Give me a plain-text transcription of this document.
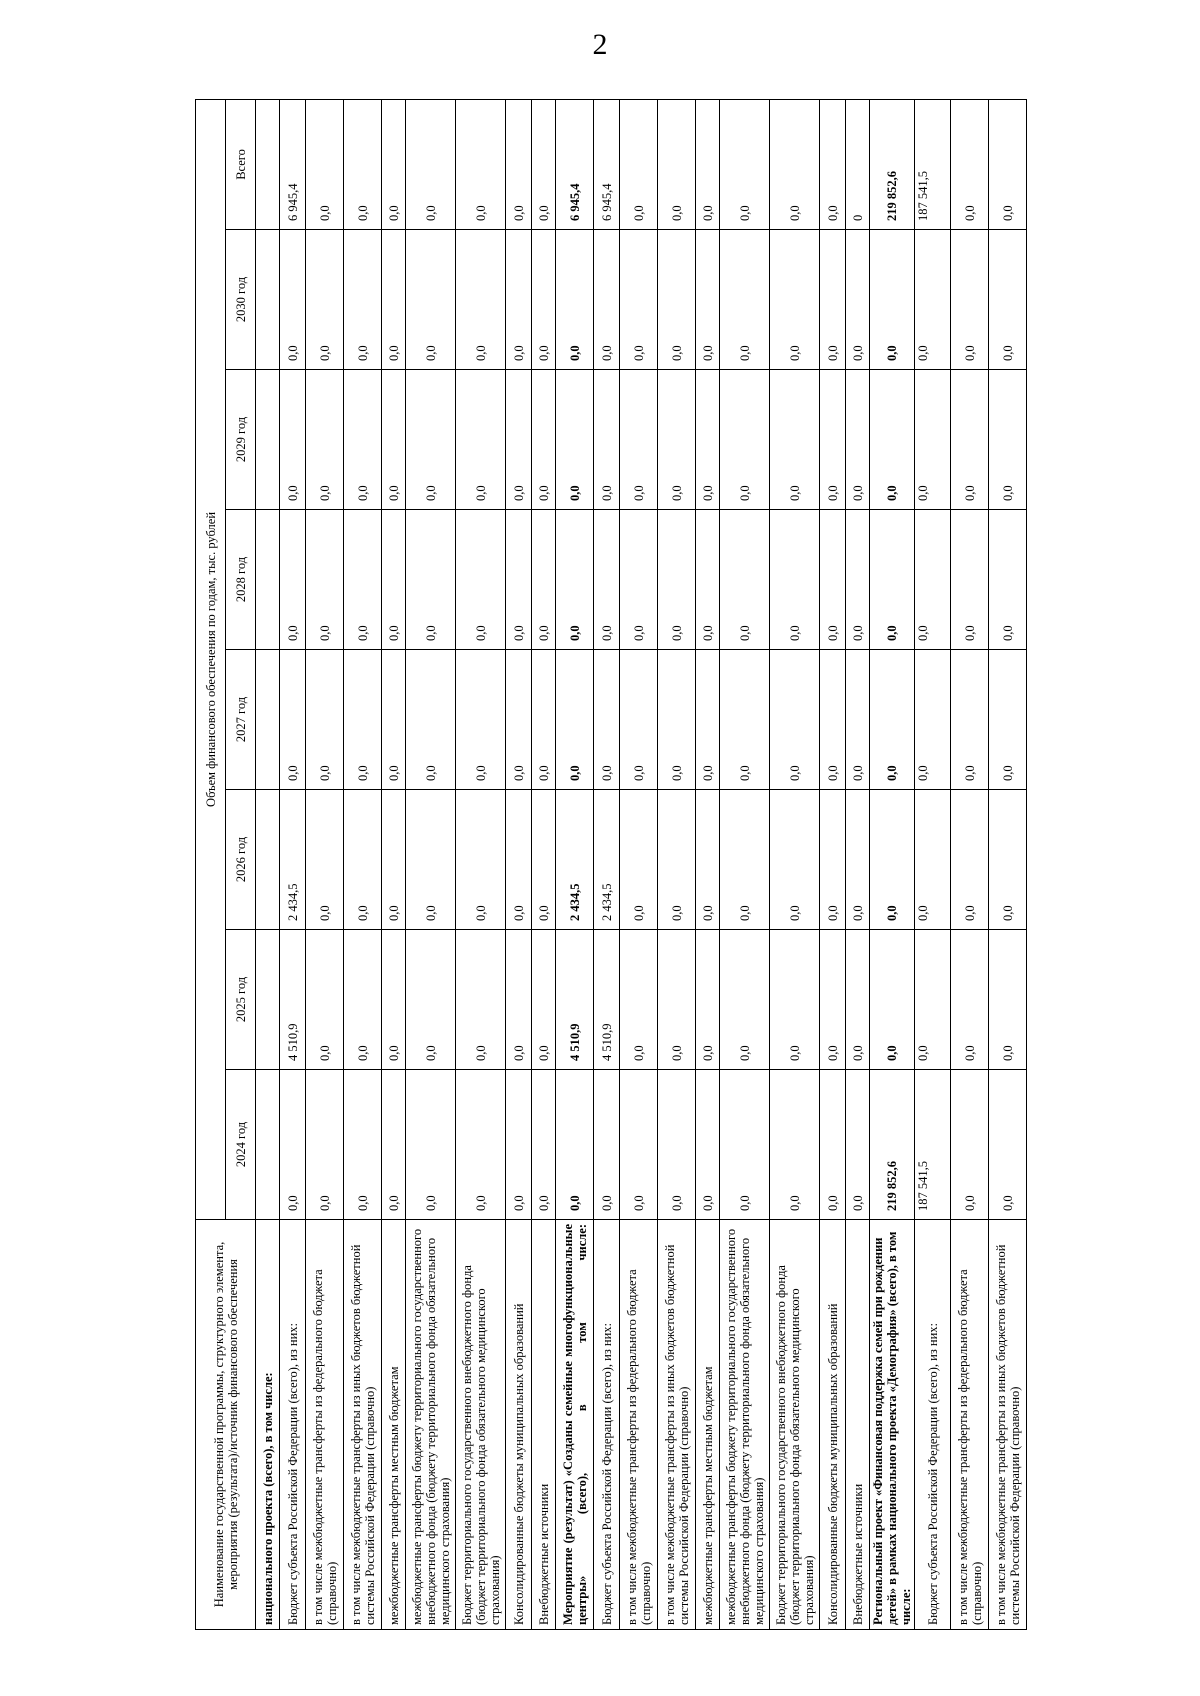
2
Наименование государственной программы, структурного элемента, мероприятия (результата)/источник финансового обеспечения	Объем финансового обеспечения по годам, тыс. рублей							
	2024 год	2025 год	2026 год	2027 год	2028 год	2029 год	2030 год	Всего
национального проекта (всего), в том числе:								
Бюджет субъекта Российской Федерации (всего), из них:	0,0	4 510,9	2 434,5	0,0	0,0	0,0	0,0	6 945,4
в том числе межбюджетные трансферты из федерального бюджета (справочно)	0,0	0,0	0,0	0,0	0,0	0,0	0,0	0,0
в том числе межбюджетные трансферты из иных бюджетов бюджетной системы Российской Федерации (справочно)	0,0	0,0	0,0	0,0	0,0	0,0	0,0	0,0
межбюджетные трансферты местным бюджетам	0,0	0,0	0,0	0,0	0,0	0,0	0,0	0,0
межбюджетные трансферты бюджету территориального государственного внебюджетного фонда (бюджету территориального фонда обязательного медицинского страхования)	0,0	0,0	0,0	0,0	0,0	0,0	0,0	0,0
Бюджет территориального государственного внебюджетного фонда (бюджет территориального фонда обязательного медицинского страхования)	0,0	0,0	0,0	0,0	0,0	0,0	0,0	0,0
Консолидированные бюджеты муниципальных образований	0,0	0,0	0,0	0,0	0,0	0,0	0,0	0,0
Внебюджетные источники	0,0	0,0	0,0	0,0	0,0	0,0	0,0	0,0
Мероприятие (результат) «Созданы семейные многофункциональные центры» (всего), в том числе:	0,0	4 510,9	2 434,5	0,0	0,0	0,0	0,0	6 945,4
Бюджет субъекта Российской Федерации (всего), из них:	0,0	4 510,9	2 434,5	0,0	0,0	0,0	0,0	6 945,4
в том числе межбюджетные трансферты из федерального бюджета (справочно)	0,0	0,0	0,0	0,0	0,0	0,0	0,0	0,0
в том числе межбюджетные трансферты из иных бюджетов бюджетной системы Российской Федерации (справочно)	0,0	0,0	0,0	0,0	0,0	0,0	0,0	0,0
межбюджетные трансферты местным бюджетам	0,0	0,0	0,0	0,0	0,0	0,0	0,0	0,0
межбюджетные трансферты бюджету территориального государственного внебюджетного фонда (бюджету территориального фонда обязательного медицинского страхования)	0,0	0,0	0,0	0,0	0,0	0,0	0,0	0,0
Бюджет территориального государственного внебюджетного фонда (бюджет территориального фонда обязательного медицинского страхования)	0,0	0,0	0,0	0,0	0,0	0,0	0,0	0,0
Консолидированные бюджеты муниципальных образований	0,0	0,0	0,0	0,0	0,0	0,0	0,0	0,0
Внебюджетные источники	0,0	0,0	0,0	0,0	0,0	0,0	0,0	0
Региональный проект «Финансовая поддержка семей при рождении детей» в рамках национального проекта «Демография» (всего), в том числе:	219 852,6	0,0	0,0	0,0	0,0	0,0	0,0	219 852,6
Бюджет субъекта Российской Федерации (всего), из них:	187 541,5	0,0	0,0	0,0	0,0	0,0	0,0	187 541,5
в том числе межбюджетные трансферты из федерального бюджета (справочно)	0,0	0,0	0,0	0,0	0,0	0,0	0,0	0,0
в том числе межбюджетные трансферты из иных бюджетов бюджетной системы Российской Федерации (справочно)	0,0	0,0	0,0	0,0	0,0	0,0	0,0	0,0
